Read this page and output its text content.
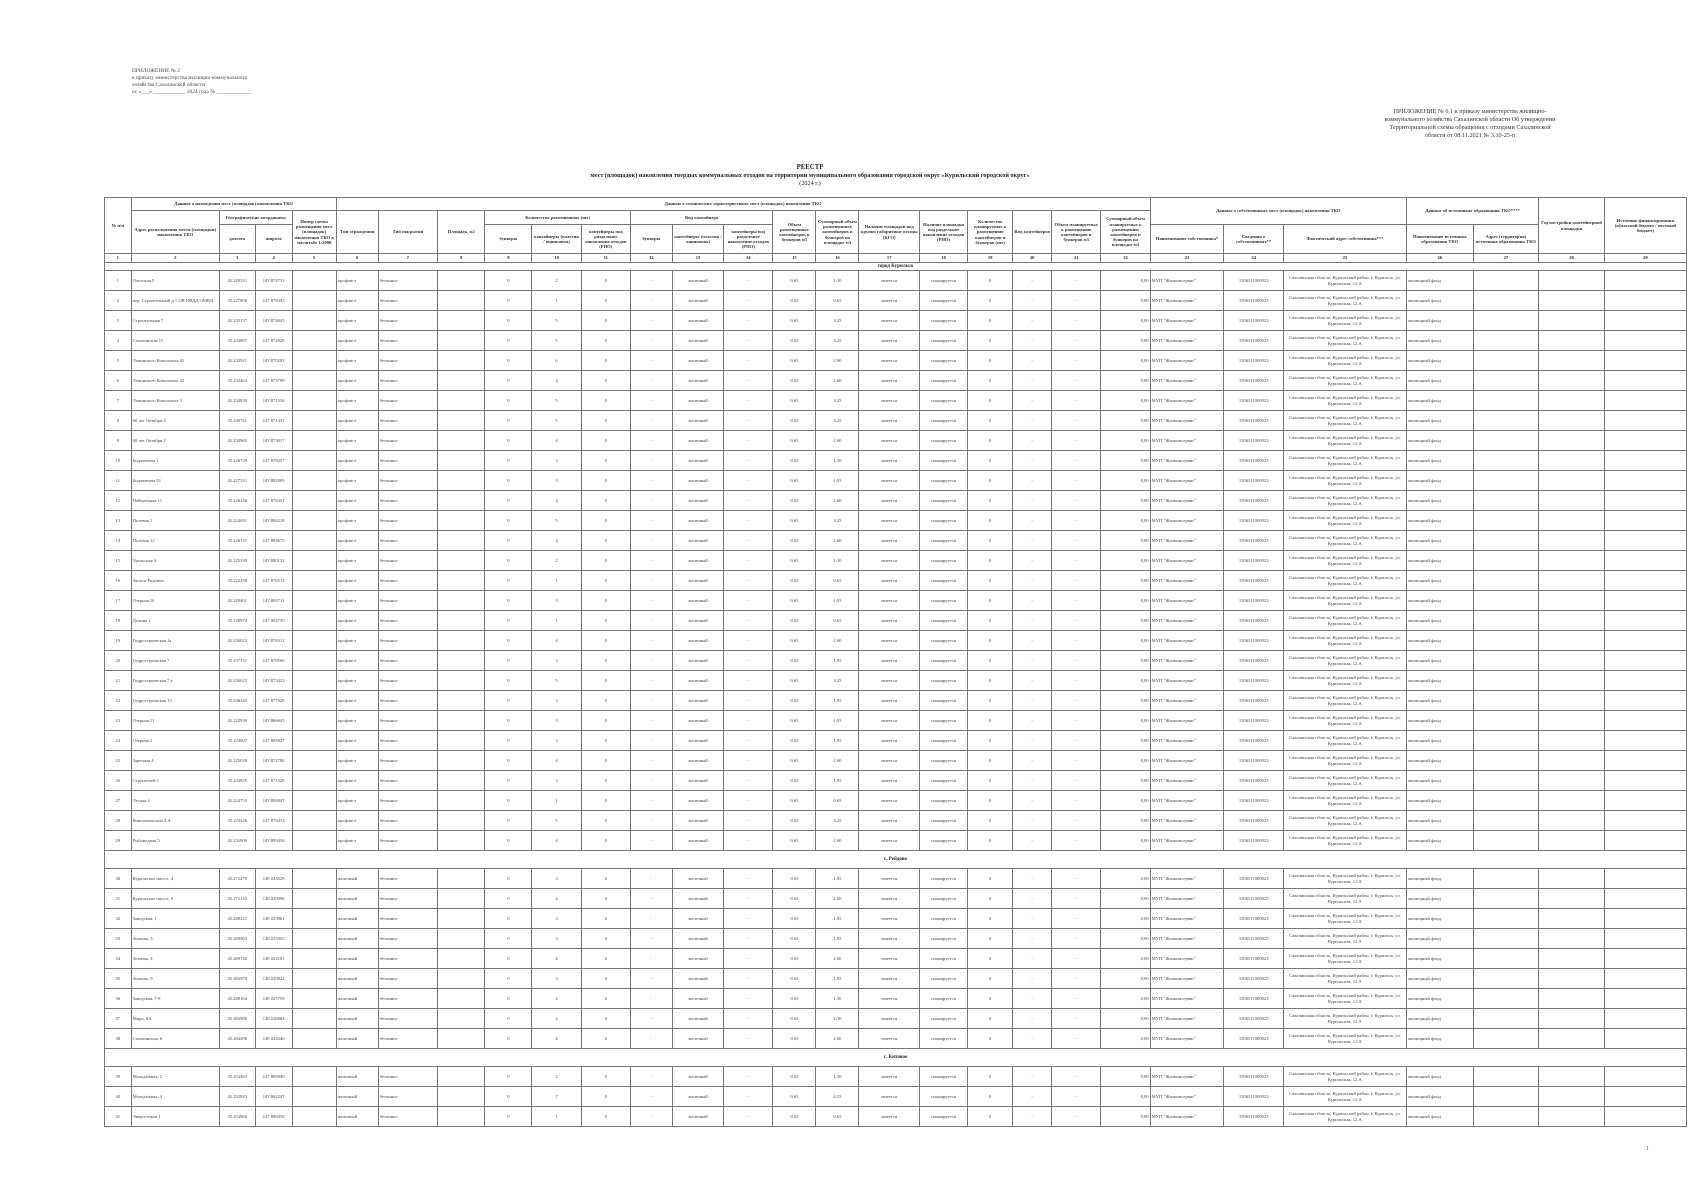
ПРИЛОЖЕНИЕ № 2
к приказу министерства жилищно-коммунального
хозяйства Сахалинской области
от «___» ____________ 2024 года № _____________
ПРИЛОЖЕНИЕ № 6.1 к приказу министерства жилищно-
коммунального хозяйства Сахалинской области Об утверждении
Территориальной схемы обращения с отходами Сахалинской
области от 08.11.2021 № 3.10-25-п
РЕЕСТР
мест (площадок) накопления твердых коммунальных отходов на территории муниципального образования городской округ «Курильский городской округ»
(2024 г.)
№ п/п	Данные о нахождении мест (площадок) накопления ТКО				Данные о технических характеристиках мест (площадок) накопления ТКО																	Данные о собственниках мест (площадок) накопления ТКО			Данные об источниках образования ТКО****		Год постройки контейнерной площадки	Источник финансирования (областной бюджет / местный бюджет)
	Адрес расположения места (площадки) накопления ТКО	Географические координаты		Номер схемы размещения мест (площадок) накопления ТКО в масштабе 1:2000	Тип ограждения	Тип покрытия	Площадь, м2	Количество размещенных (шт)			Вид контейнера			Объем размещенных контейнеров и бункеров м3	Суммарный объем размещенных контейнеров и бункеров на площадке м3	Наличие площадки под крупно габаритные отходы (КГО)	Наличие площадки под раздельное накопление отходов (РНО)	Количество планируемых к размещению контейнеров и бункеров (шт)	Вид контейнеров	Объем планируемых к размещению контейнеров и бункеров м3	Суммарный объем планируемых к размещению контейнеров и бункеров на площадке м3							
		долгота	широта					бункеры	контейнеры (пластик / оцинковка)	контейнеры под раздельное накопление отходов (РНО)	бункеры	контейнеры (пластик / оцинковка)	контейнеры под раздельное накопление отходов (РНО)									Наименование собственника*	Сведения о собственниках**	Фактический адрес собственника***	Наименование источника образования ТКО	Адрес (территория) источника образования ТКО		
1	2	3	4	5	6	7	8	9	10	11	12	13	14	15	16	17	18	19	20	21	22	23	24	25	26	27	28	29
город Курильск																												
1	Охотская 5	45.229331	147.874733		профлист	бетонное		0	2	0	-	железный	-	0,65	1,30	имеется	планируется	0	-	-	0,00	МУП "Жилкомсервис"	1506511000023	Сахалинская область, Курильский район, г. Курильск, ул. Курильская, 12 А	жилищный фонд			
2	пер. Строительный д.1 ОВ ИВДД ОМВД	45.227808	147.878345		профлист	бетонное		0	1	0	-	железный	-	0,65	0,65	имеется	планируется	0	-	-	0,00	МУП "Жилкомсервис"	1506511000023	Сахалинская область, Курильский район, г. Курильск, ул. Курильская, 12 А	жилищный фонд			
3	Строительная 7	45.235137	147.874045		профлист	бетонное		0	5	0	-	железный	-	0,65	3,25	имеется	планируется	0	-	-	0,00	МУП "Жилкомсервис"	1506511000023	Сахалинская область, Курильский район, г. Курильск, ул. Курильская, 12 А	жилищный фонд			
4	Сахалинская 11	45.233867	147.872026		профлист	бетонное		0	5	0	-	железный	-	0,65	3,25	имеется	планируется	0	-	-	0,00	МУП "Жилкомсервис"	1506511000023	Сахалинская область, Курильский район, г. Курильск, ул. Курильская, 12 А	жилищный фонд			
5	Ленинского Комсомола 45	45.233921	147.870282		профлист	бетонное		0	6	0	-	железный	-	0,65	3,90	имеется	планируется	0	-	-	0,00	МУП "Жилкомсервис"	1506511000023	Сахалинская область, Курильский район, г. Курильск, ул. Курильская, 12 А	жилищный фонд			
6	Ленинского Комсомола 42	45.232463	147.873799		профлист	бетонное		0	4	0	-	железный	-	0,65	2,60	имеется	планируется	0	-	-	0,00	МУП "Жилкомсервис"	1506511000023	Сахалинская область, Курильский район, г. Курильск, ул. Курильская, 12 А	жилищный фонд			
7	Ленинского Комсомола 3	45.234839	147.871336		профлист	бетонное		0	5	0	-	железный	-	0,65	3,25	имеется	планируется	0	-	-	0,00	МУП "Жилкомсервис"	1506511000023	Сахалинская область, Курильский район, г. Курильск, ул. Курильская, 12 А	жилищный фонд			
8	60 лет Октября 4	45.230741	147.871441		профлист	бетонное		0	5	0	-	железный	-	0,65	3,25	имеется	планируется	0	-	-	0,00	МУП "Жилкомсервис"	1506511000023	Сахалинская область, Курильский район, г. Курильск, ул. Курильская, 12 А	жилищный фонд			
9	60 лет Октября 2	45.230965	147.873017		профлист	бетонное		0	4	0	-	железный	-	0,65	2,60	имеется	планируется	0	-	-	0,00	МУП "Жилкомсервис"	1506511000023	Сахалинская область, Курильский район, г. Курильск, ул. Курильская, 12 А	жилищный фонд			
10	Бидачевича 1	45.226729	147.878257		профлист	бетонное		0	3	0	-	железный	-	0,65	1,30	имеется	планируется	0	-	-	0,00	МУП "Жилкомсервис"	1506511000023	Сахалинская область, Курильский район, г. Курильск, ул. Курильская, 12 А	жилищный фонд			
11	Бидачевича 51	45.227331	147.882009		профлист	бетонное		0	3	0	-	железный	-	0,65	1,95	имеется	планируется	0	-	-	0,00	МУП "Жилкомсервис"	1506511000023	Сахалинская область, Курильский район, г. Курильск, ул. Курильская, 12 А	жилищный фонд			
12	Набережная 11	45.226246	147.876351		профлист	бетонное		0	4	0	-	железный	-	0,65	2,60	имеется	планируется	0	-	-	0,00	МУП "Жилкомсервис"	1506511000023	Сахалинская область, Курильский район, г. Курильск, ул. Курильская, 12 А	жилищный фонд			
13	Полевая 1	45.224691	147.884218		профлист	бетонное		0	5	0	-	железный	-	0,65	3,25	имеется	планируется	0	-	-	0,00	МУП "Жилкомсервис"	1506511000023	Сахалинская область, Курильский район, г. Курильск, ул. Курильская, 12 А	жилищный фонд			
14	Полевая 12	45.226131	147.884679		профлист	бетонное		0	4	0	-	железный	-	0,65	2,60	имеется	планируется	0	-	-	0,00	МУП "Жилкомсервис"	1506511000023	Сахалинская область, Курильский район, г. Курильск, ул. Курильская, 12 А	жилищный фонд			
15	Уральская 4	45.225339	147.880132		профлист	бетонное		0	2	0	-	железный	-	0,65	1,30	имеется	планируется	0	-	-	0,00	МУП "Жилкомсервис"	1506511000023	Сахалинская область, Курильский район, г. Курильск, ул. Курильская, 12 А	жилищный фонд			
16	Заслон-Роданов	45.222258	147.876512		профлист	бетонное		0	1	0	-	железный	-	0,65	0,65	имеется	планируется	0	-	-	0,00	МУП "Жилкомсервис"	1506511000023	Сахалинская область, Курильский район, г. Курильск, ул. Курильская, 12 А	жилищный фонд			
17	Озерная 16	45.229401	147.865711		профлист	бетонное		0	3	0	-	железный	-	0,65	1,95	имеется	планируется	0	-	-	0,00	МУП "Жилкомсервис"	1506511000023	Сахалинская область, Курильский район, г. Курильск, ул. Курильская, 12 А	жилищный фонд			
18	Долина 2	45.228972	147.904730		профлист	бетонное		0	1	0	-	железный	-	0,65	0,65	имеется	планируется	0	-	-	0,00	МУП "Жилкомсервис"	1506511000023	Сахалинская область, Курильский район, г. Курильск, ул. Курильская, 12 А	жилищный фонд			
19	Гидростроевская 1а	45.236022	147.876512		профлист	бетонное		0	4	0	-	железный	-	0,65	2,60	имеется	планируется	0	-	-	0,00	МУП "Жилкомсервис"	1506511000023	Сахалинская область, Курильский район, г. Курильск, ул. Курильская, 12 А	жилищный фонд			
20	Гидростроевская 7	45.237151	147.878566		профлист	бетонное		0	3	0	-	железный	-	0,65	1,95	имеется	планируется	0	-	-	0,00	МУП "Жилкомсервис"	1506511000023	Сахалинская область, Курильский район, г. Курильск, ул. Курильская, 12 А	жилищный фонд			
21	Гидростроевская 7 а	45.236625	147.873423		профлист	бетонное		0	5	0	-	железный	-	0,65	3,25	имеется	планируется	0	-	-	0,00	МУП "Жилкомсервис"	1506511000023	Сахалинская область, Курильский район, г. Курильск, ул. Курильская, 12 А	жилищный фонд			
22	Гидростроевская 13	45.236249	147.877626		профлист	бетонное		0	3	0	-	железный	-	0,65	1,95	имеется	планируется	0	-	-	0,00	МУП "Жилкомсервис"	1506511000023	Сахалинская область, Курильский район, г. Курильск, ул. Курильская, 12 А	жилищный фонд			
23	Озерная 11	45.222939	147.866645		профлист	бетонное		0	3	0	-	железный	-	0,65	1,95	имеется	планируется	0	-	-	0,00	МУП "Жилкомсервис"	1506511000023	Сахалинская область, Курильский район, г. Курильск, ул. Курильская, 12 А	жилищный фонд			
24	Озерная 2	45.224097	147.885827		профлист	бетонное		0	3	0	-	железный	-	0,65	1,95	имеется	планируется	0	-	-	0,00	МУП "Жилкомсервис"	1506511000023	Сахалинская область, Курильский район, г. Курильск, ул. Курильская, 12 А	жилищный фонд			
25	Заречная 4	45.225039	147.872786		профлист	бетонное		0	4	0	-	железный	-	0,65	2,60	имеется	планируется	0	-	-	0,00	МУП "Жилкомсервис"	1506511000023	Сахалинская область, Курильский район, г. Курильск, ул. Курильская, 12 А	жилищный фонд			
26	Строителей 1	45.233825	147.871526		профлист	бетонное		0	3	0	-	железный	-	0,65	1,95	имеется	планируется	0	-	-	0,00	МУП "Жилкомсервис"	1506511000023	Сахалинская область, Курильский район, г. Курильск, ул. Курильская, 12 А	жилищный фонд			
27	Лесная 1	45.224755	147.894047		профлист	бетонное		0	1	0	-	железный	-	0,65	0,65	имеется	планируется	0	-	-	0,00	МУП "Жилкомсервис"	1506511000023	Сахалинская область, Курильский район, г. Курильск, ул. Курильская, 12 А	жилищный фонд			
28	Комсомольская 2 А	45.223326	147.879413		профлист	бетонное		0	5	0	-	железный	-	0,65	3,25	имеется	планируется	0	-	-	0,00	МУП "Жилкомсервис"	1506511000023	Сахалинская область, Курильский район, г. Курильск, ул. Курильская, 12 А	жилищный фонд			
29	Рыбоводная 5	45.231006	147.899456		профлист	бетонное		0	4	0	-	железный	-	0,65	2,60	имеется	планируется	0	-	-	0,00	МУП "Жилкомсервис"	1506511000023	Сахалинская область, Курильский район, г. Курильск, ул. Курильская, 12 А	жилищный фонд			
с. Рейдово																												
30	Курильское шоссе, 4	45.272479	148.023529		железный	бетонное		0	3	0	-	железный	-	0,65	1,95	имеется	планируется	0	-	-	0,00	МУП "Жилкомсервис"	1506511000023	Сахалинская область, Курильский район, г. Курильск, ул. Курильская, 12 А	жилищный фонд			
31	Курильское шоссе, 8	45.272145	148.020996		железный	бетонное		0	4	0	-	железный	-	0,65	2,60	имеется	планируется	0	-	-	0,00	МУП "Жилкомсервис"	1506511000023	Сахалинская область, Курильский район, г. Курильск, ул. Курильская, 12 А	жилищный фонд			
32	Заводская, 1	45.268421	148.029861		железный	бетонное		0	3	0	-	железный	-	0,65	1,95	имеется	планируется	0	-	-	0,00	МУП "Жилкомсервис"	1506511000023	Сахалинская область, Курильский район, г. Курильск, ул. Курильская, 12 А	жилищный фонд			
33	Зеленая, 3	45.269993	148.025955		железный	бетонное		0	3	0	-	железный	-	0,65	1,95	имеется	планируется	0	-	-	0,00	МУП "Жилкомсервис"	1506511000023	Сахалинская область, Курильский район, г. Курильск, ул. Курильская, 12 А	жилищный фонд			
34	Зеленая, 4	45.269746	148.022181		железный	бетонное		0	4	0	-	железный	-	0,65	2,60	имеется	планируется	0	-	-	0,00	МУП "Жилкомсервис"	1506511000023	Сахалинская область, Курильский район, г. Курильск, ул. Курильская, 12 А	жилищный фонд			
35	Зеленая, 9	45.266979	148.020824		железный	бетонное		0	3	0	-	железный	-	0,65	1,95	имеется	планируется	0	-	-	0,00	МУП "Жилкомсервис"	1506511000023	Сахалинская область, Курильский район, г. Курильск, ул. Курильская, 12 А	жилищный фонд			
36	Заводская, 7-9	45.268164	148.025759		железный	бетонное		0	2	0	-	железный	-	0,65	1,30	имеется	планируется	0	-	-	0,00	МУП "Жилкомсервис"	1506511000023	Сахалинская область, Курильский район, г. Курильск, ул. Курильская, 12 А	жилищный фонд			
37	Мира, 8А	45.266989	148.026804		железный	бетонное		0	2	0	-	железный	-	0,65	1,30	имеется	планируется	0	-	-	0,00	МУП "Жилкомсервис"	1506511000023	Сахалинская область, Курильский район, г. Курильск, ул. Курильская, 12 А	жилищный фонд			
38	Сахалинская, 6	45.264206	148.024346		железный	бетонное		0	4	0	-	железный	-	0,65	2,60	имеется	планируется	0	-	-	0,00	МУП "Жилкомсервис"	1506511000023	Сахалинская область, Курильский район, г. Курильск, ул. Курильская, 12 А	жилищный фонд			
с. Китовое																												
39	Молодёжная, 2	45.254465	147.885940		железный	бетонное		0	2	0	-	железный	-	0,65	1,30	имеется	планируется	0	-	-	0,00	МУП "Жилкомсервис"	1506511000023	Сахалинская область, Курильский район, г. Курильск, ул. Курильская, 12 А	жилищный фонд			
40	Молодёжная, 4	45.252843	147.862247		железный	бетонное		0	7	0	-	железный	-	0,65	4,55	имеется	планируется	0	-	-	0,00	МУП "Жилкомсервис"	1506511000023	Сахалинская область, Курильский район, г. Курильск, ул. Курильская, 12 А	жилищный фонд			
41	Энергетиков 1	45.254960	147.898456		железный	бетонное		0	1	0	-	железный	-	0,65	0,65	имеется	планируется	0	-	-	0,00	МУП "Жилкомсервис"	1506511000023	Сахалинская область, Курильский район, г. Курильск, ул. Курильская, 12 А	жилищный фонд			
1
